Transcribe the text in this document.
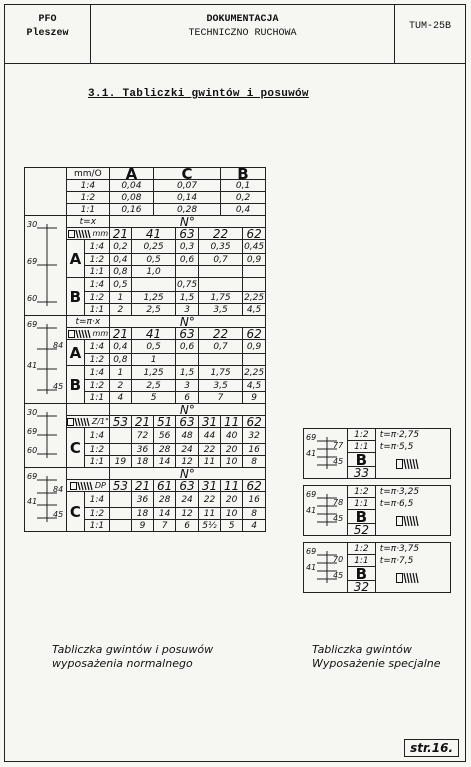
PFO
Pleszew
DOKUMENTACJA
TECHNICZNO RUCHOWA
TUM-25B
3.1. Tabliczki gwintów i posuwów
	mm/O		A		C			B	
	1:4		0,04		0,07			0,1	
	1:2		0,08		0,14			0,2	
	1:1		0,16		0,28			0,4	

30
69
60	t=x		N°						

	mm		21	41		63	22		62
	A	1:4	0,2	0,25		0,3	0,35		0,45
		1:2	0,4	0,5		0,6	0,7		0,9
		1:1	0,8	1,0					
	B	1:4	0,5			0,75			
		1:2	1	1,25		1,5	1,75		2,25
		1:1	2	2,5		3	3,5		4,5

69
84
41
45	t=π·x		N°						

	mm		21	41		63	22		62
	A	1:4	0,4	0,5		0,6	0,7		0,9
		1:2	0,8	1					
	B	1:4	1	1,25		1,5	1,75		2,25
		1:2	2	2,5		3	3,5		4,5
		1:1	4	5		6	7		9

30
69
60			N°						

	Z/1"		53	21	51	63	31	11	62
	C	1:4		72	56	48	44	40	32
		1:2		36	28	24	22	20	16
		1:1	19	18	14	12	11	10	8

69
84
41
45			N°						

	DP		53	21	61	63	31	11	62
	C	1:4		36	28	24	22	20	16
		1:2		18	14	12	11	10	8
		1:1		9	7	6	5½	5	4
69
77
41
45	1:2	t=π·2,75
	1:1	t=π·5,5
	B	
	33	

69
78
41
45	1:2	t=π·3,25
	1:1	t=π·6,5
	B	
	52	

69
70
41
45	1:2	t=π·3,75
	1:1	t=π·7,5
	B	
	32	
Tabliczka gwintów i posuwów
wyposażenia normalnego
Tabliczka gwintów
Wyposażenie specjalne
str.16.
